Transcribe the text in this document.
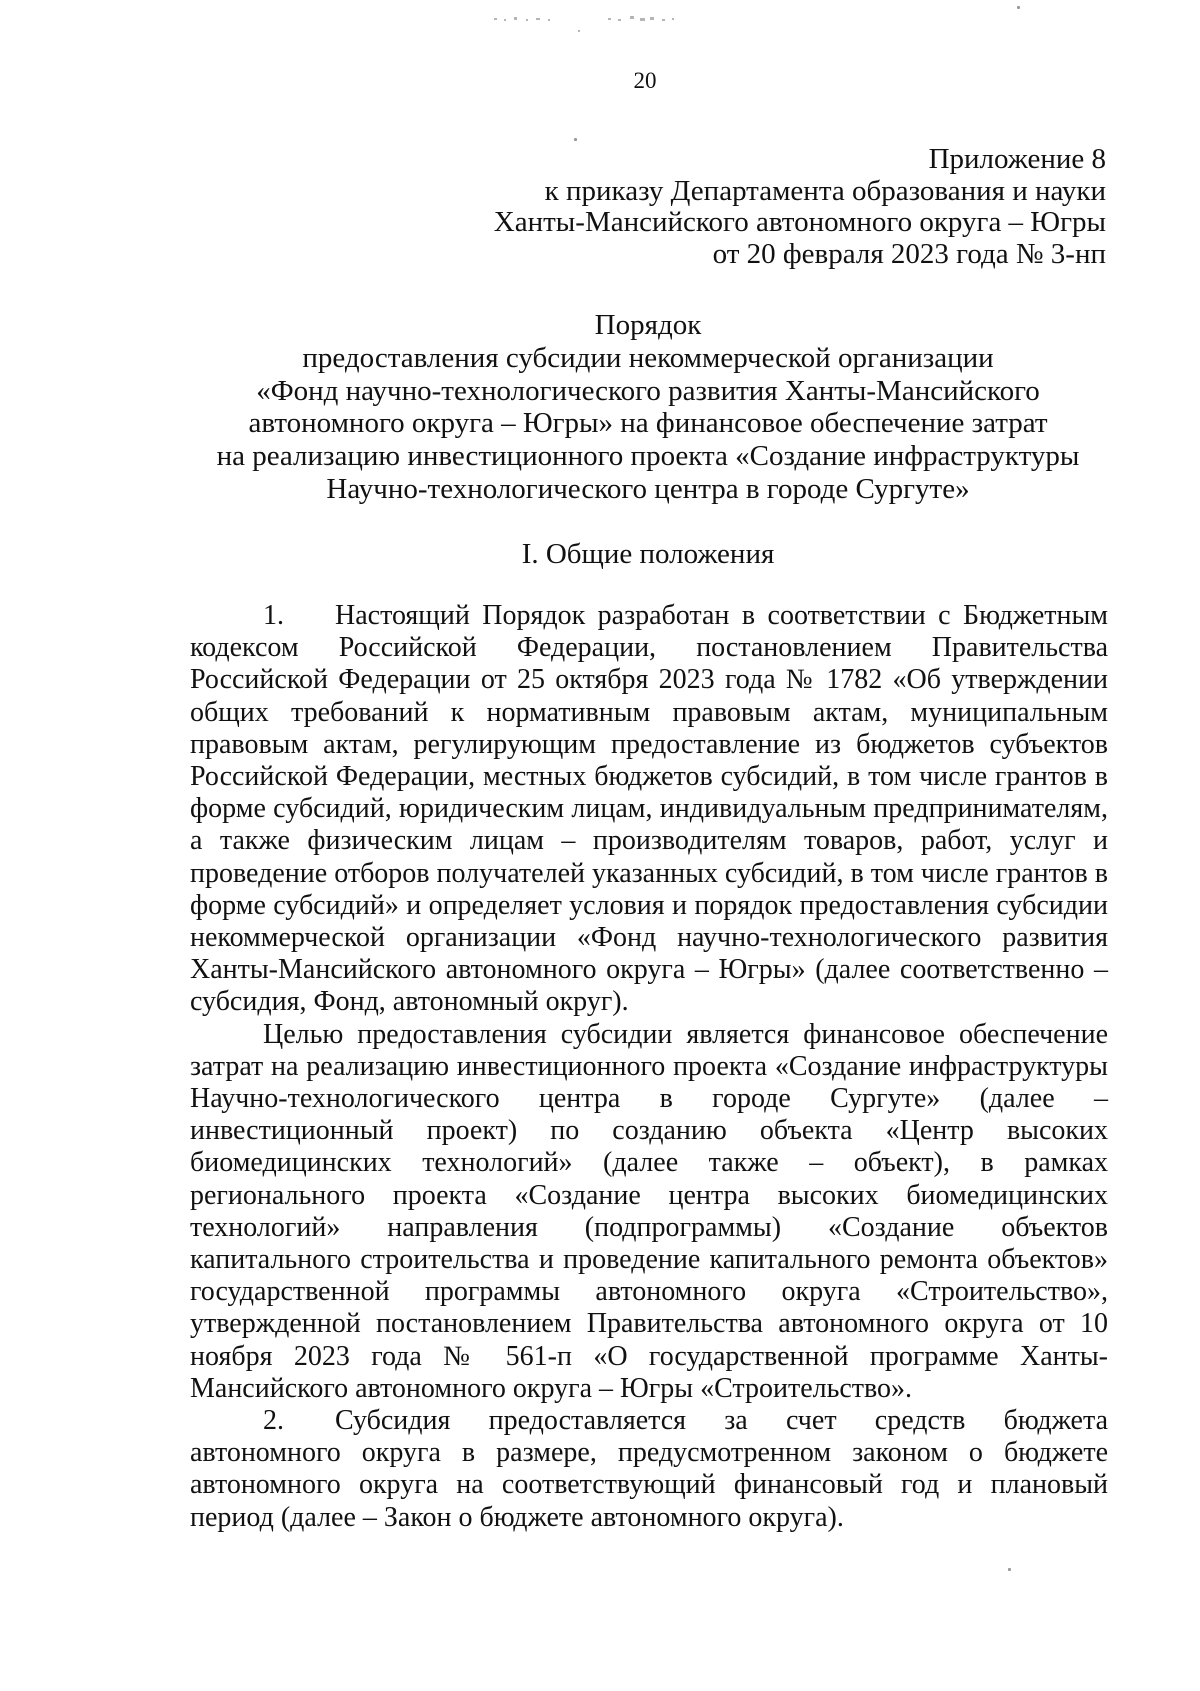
20
Приложение 8
к приказу Департамента образования и науки
Ханты-Мансийского автономного округа – Югры
от 20 февраля 2023 года № 3-нп
Порядок
предоставления субсидии некоммерческой организации
«Фонд научно-технологического развития Ханты-Мансийского
автономного округа – Югры» на финансовое обеспечение затрат
на реализацию инвестиционного проекта «Создание инфраструктуры
Научно-технологического центра в городе Сургуте»
I. Общие положения

1. Настоящий Порядок разработан в соответствии с Бюджетным кодексом Российской Федерации, постановлением Правительства Российской Федерации от 25 октября 2023 года № 1782 «Об утверждении общих требований к нормативным правовым актам, муниципальным правовым актам, регулирующим предоставление из бюджетов субъектов Российской Федерации, местных бюджетов субсидий, в том числе грантов в форме субсидий, юридическим лицам, индивидуальным предпринимателям, а также физическим лицам – производителям товаров, работ, услуг и проведение отборов получателей указанных субсидий, в том числе грантов в форме субсидий» и определяет условия и порядок предоставления субсидии некоммерческой организации «Фонд научно-технологического развития Ханты-Мансийского автономного округа – Югры» (далее соответственно – субсидия, Фонд, автономный округ).

Целью предоставления субсидии является финансовое обеспечение затрат на реализацию инвестиционного проекта «Создание инфраструктуры Научно-технологического центра в городе Сургуте» (далее – инвестиционный проект) по созданию объекта «Центр высоких биомедицинских технологий» (далее также – объект), в рамках регионального проекта «Создание центра высоких биомедицинских технологий» направления (подпрограммы) «Создание объектов капитального строительства и проведение капитального ремонта объектов» государственной программы автономного округа «Строительство», утвержденной постановлением Правительства автономного округа от 10 ноября 2023 года № 561-п «О государственной программе Ханты-Мансийского автономного округа – Югры «Строительство».

2. Субсидия предоставляется за счет средств бюджета автономного округа в размере, предусмотренном законом о бюджете автономного округа на соответствующий финансовый год и плановый период (далее – Закон о бюджете автономного округа).
